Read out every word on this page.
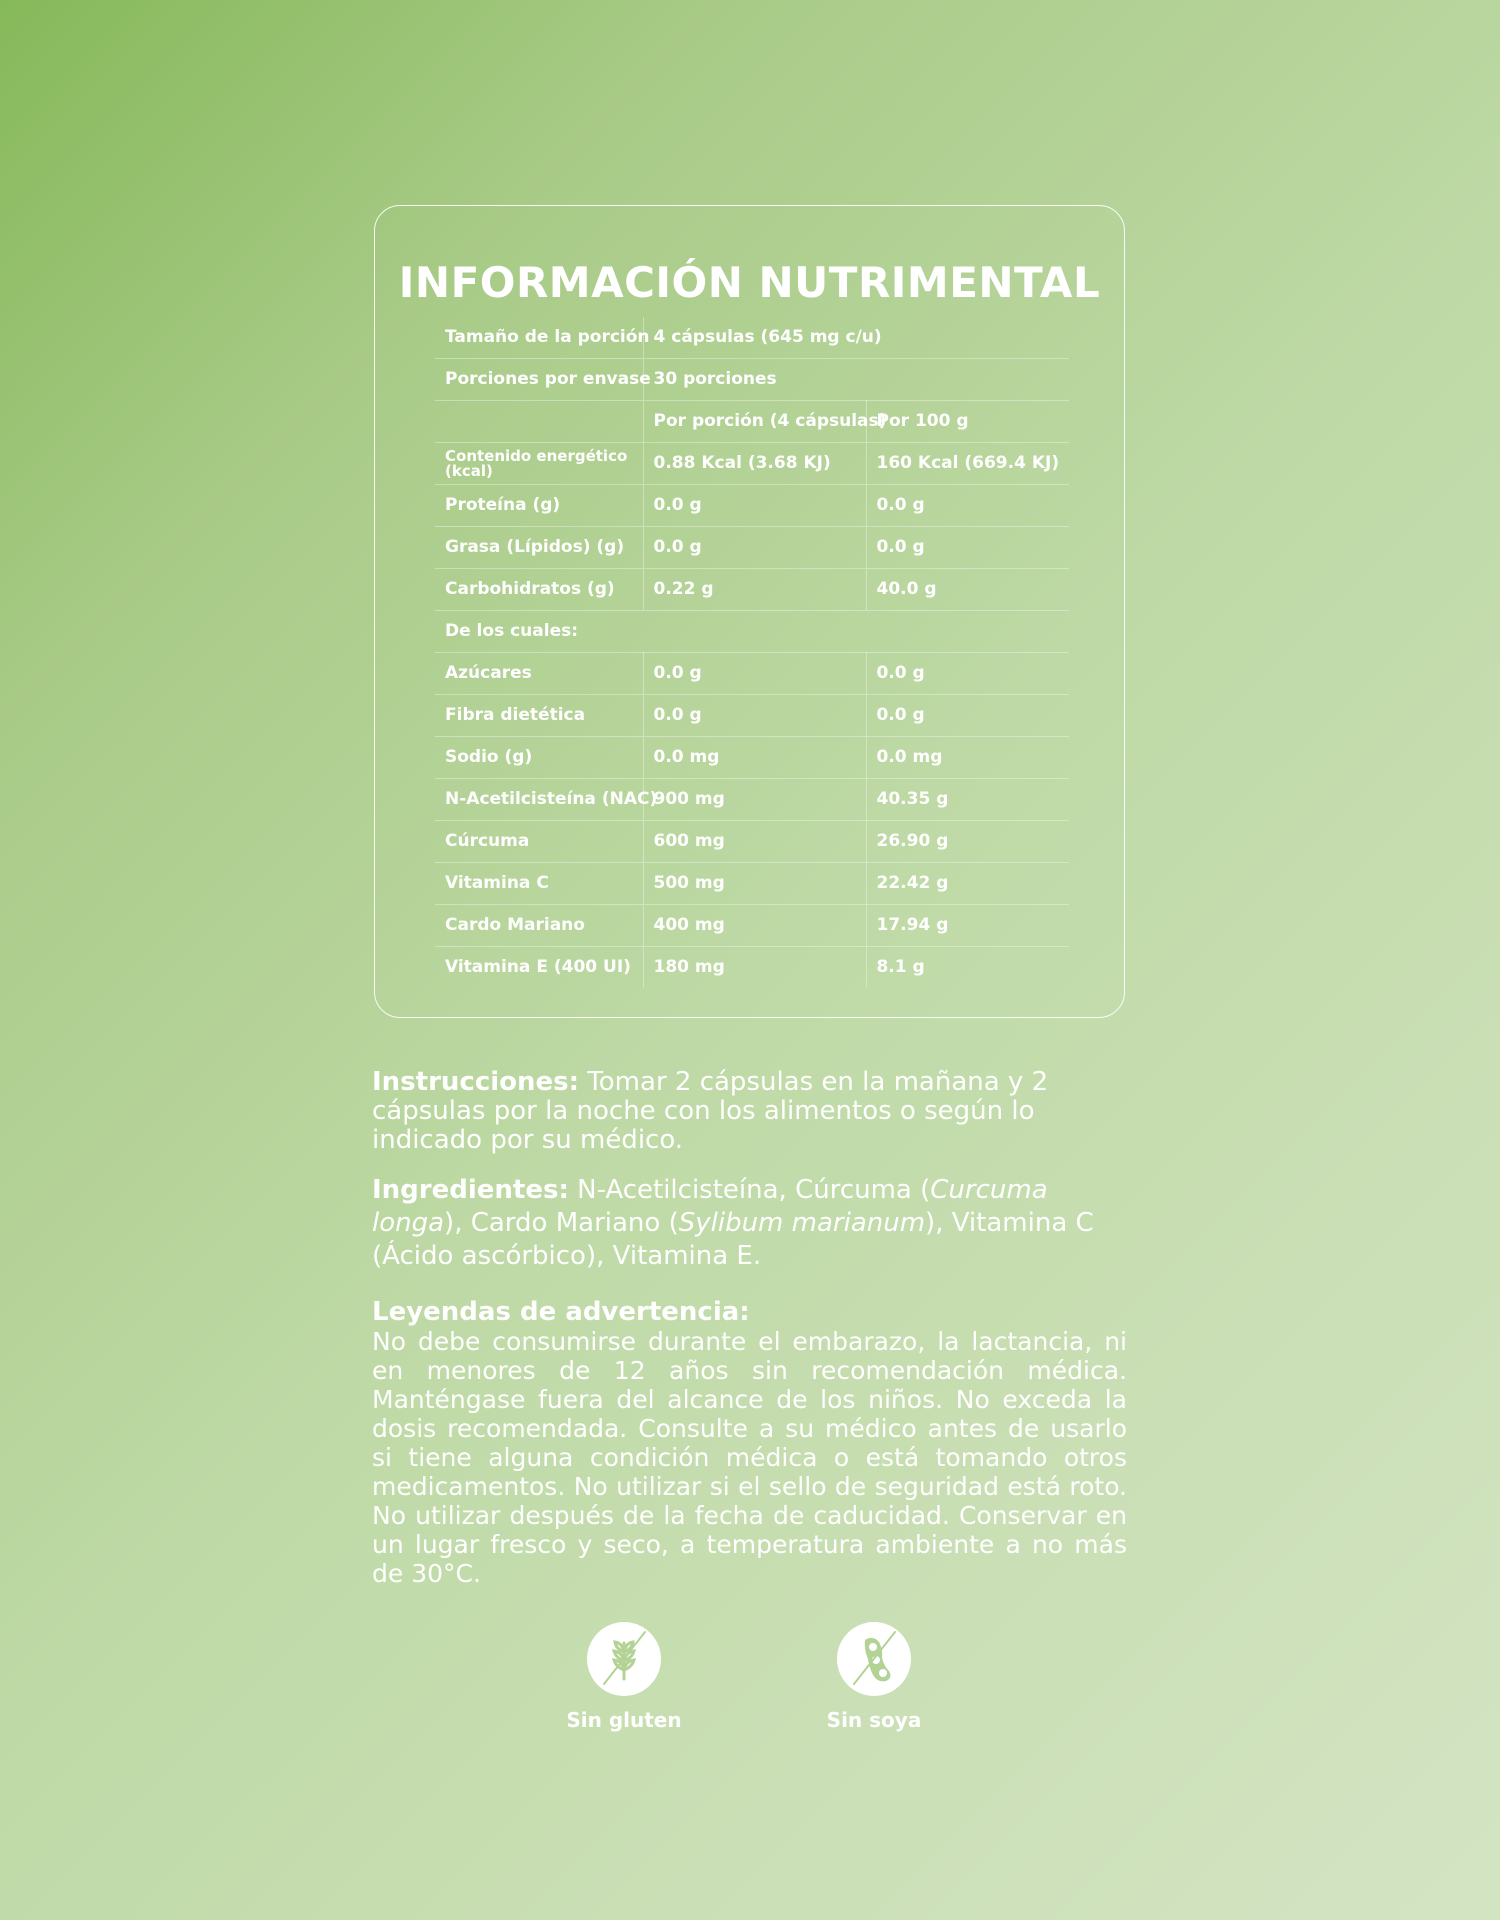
INFORMACIÓN NUTRIMENTAL
Tamaño de la porción	4 cápsulas (645 mg c/u)	
Porciones por envase	30 porciones	
	Por porción (4 cápsulas)	Por 100 g
Contenido energético (kcal)	0.88 Kcal (3.68 KJ)	160 Kcal (669.4 KJ)
Proteína (g)	0.0 g	0.0 g
Grasa (Lípidos) (g)	0.0 g	0.0 g
Carbohidratos (g)	0.22 g	40.0 g
De los cuales:		
Azúcares	0.0 g	0.0 g
Fibra dietética	0.0 g	0.0 g
Sodio (g)	0.0 mg	0.0 mg
N-Acetilcisteína (NAC)	900 mg	40.35 g
Cúrcuma	600 mg	26.90 g
Vitamina C	500 mg	22.42 g
Cardo Mariano	400 mg	17.94 g
Vitamina E (400 UI)	180 mg	8.1 g
Instrucciones: Tomar 2 cápsulas en la mañana y 2 cápsulas por la noche con los alimentos o según lo indicado por su médico.
Ingredientes: N-Acetilcisteína, Cúrcuma (Curcuma longa), Cardo Mariano (Sylibum marianum), Vitamina C (Ácido ascórbico), Vitamina E.
Leyendas de advertencia:
No debe consumirse durante el embarazo, la lactancia, ni en menores de 12 años sin recomendación médica. Manténgase fuera del alcance de los niños. No exceda la dosis recomendada. Consulte a su médico antes de usarlo si tiene alguna condición médica o está tomando otros medicamentos. No utilizar si el sello de seguridad está roto. No utilizar después de la fecha de caducidad. Conservar en un lugar fresco y seco, a temperatura ambiente a no más de 30°C.
Sin gluten	Sin soya
